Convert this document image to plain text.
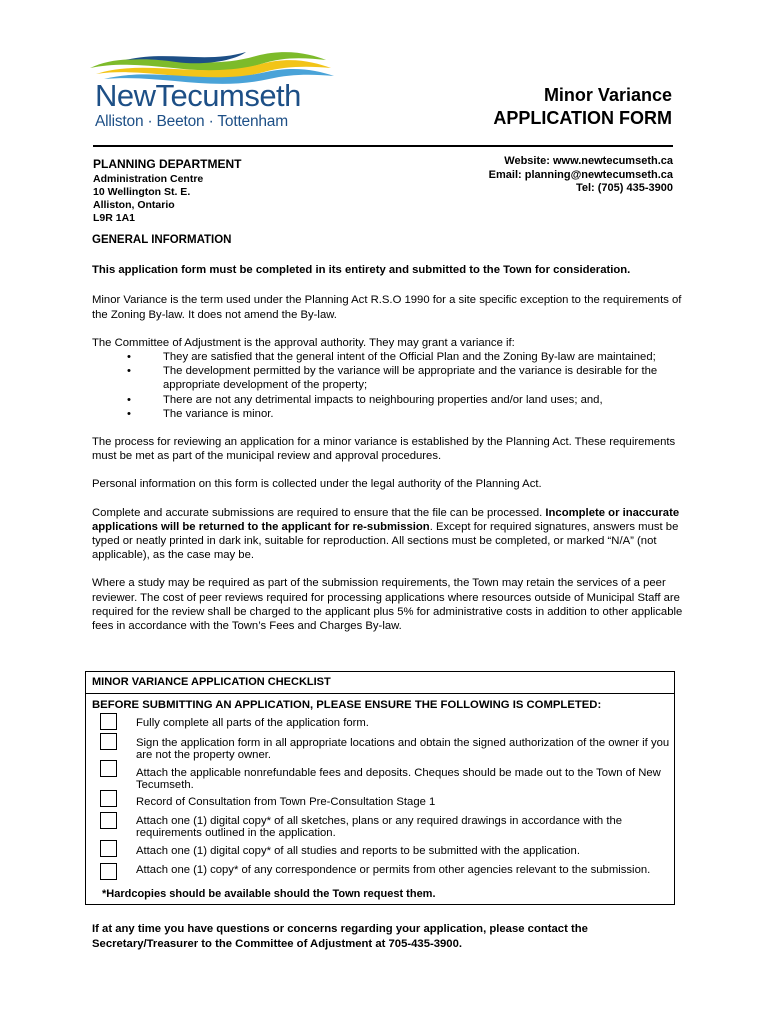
NewTecumseth
Alliston · Beeton · Tottenham
Minor Variance
APPLICATION FORM
PLANNING DEPARTMENT
Administration Centre
10 Wellington St. E.
Alliston, Ontario
L9R 1A1
Website: www.newtecumseth.ca
Email: planning@newtecumseth.ca
Tel: (705) 435-3900

GENERAL INFORMATION

This application form must be completed in its entirety and submitted to the Town for consideration.

Minor Variance is the term used under the Planning Act R.S.O 1990 for a site specific exception to the requirements of the Zoning By-law. It does not amend the By-law.

The Committee of Adjustment is the approval authority. They may grant a variance if:

• They are satisfied that the general intent of the Official Plan and the Zoning By-law are maintained;
• The development permitted by the variance will be appropriate and the variance is desirable for the appropriate development of the property;
• There are not any detrimental impacts to neighbouring properties and/or land uses; and,
• The variance is minor.

The process for reviewing an application for a minor variance is established by the Planning Act. These requirements must be met as part of the municipal review and approval procedures.

Personal information on this form is collected under the legal authority of the Planning Act.

Complete and accurate submissions are required to ensure that the file can be processed. Incomplete or inaccurate applications will be returned to the applicant for re-submission. Except for required signatures, answers must be typed or neatly printed in dark ink, suitable for reproduction. All sections must be completed, or marked “N/A” (not applicable), as the case may be.

Where a study may be required as part of the submission requirements, the Town may retain the services of a peer reviewer. The cost of peer reviews required for processing applications where resources outside of Municipal Staff are required for the review shall be charged to the applicant plus 5% for administrative costs in addition to other applicable fees in accordance with the Town’s Fees and Charges By-law.

MINOR VARIANCE APPLICATION CHECKLIST
BEFORE SUBMITTING AN APPLICATION, PLEASE ENSURE THE FOLLOWING IS COMPLETED:
Fully complete all parts of the application form.
Sign the application form in all appropriate locations and obtain the signed authorization of the owner if you are not the property owner.
Attach the applicable nonrefundable fees and deposits. Cheques should be made out to the Town of New Tecumseth.
Record of Consultation from Town Pre-Consultation Stage 1
Attach one (1) digital copy* of all sketches, plans or any required drawings in accordance with the requirements outlined in the application.
Attach one (1) digital copy* of all studies and reports to be submitted with the application.
Attach one (1) copy* of any correspondence or permits from other agencies relevant to the submission.
*Hardcopies should be available should the Town request them.
If at any time you have questions or concerns regarding your application, please contact the Secretary/Treasurer to the Committee of Adjustment at 705-435-3900.
